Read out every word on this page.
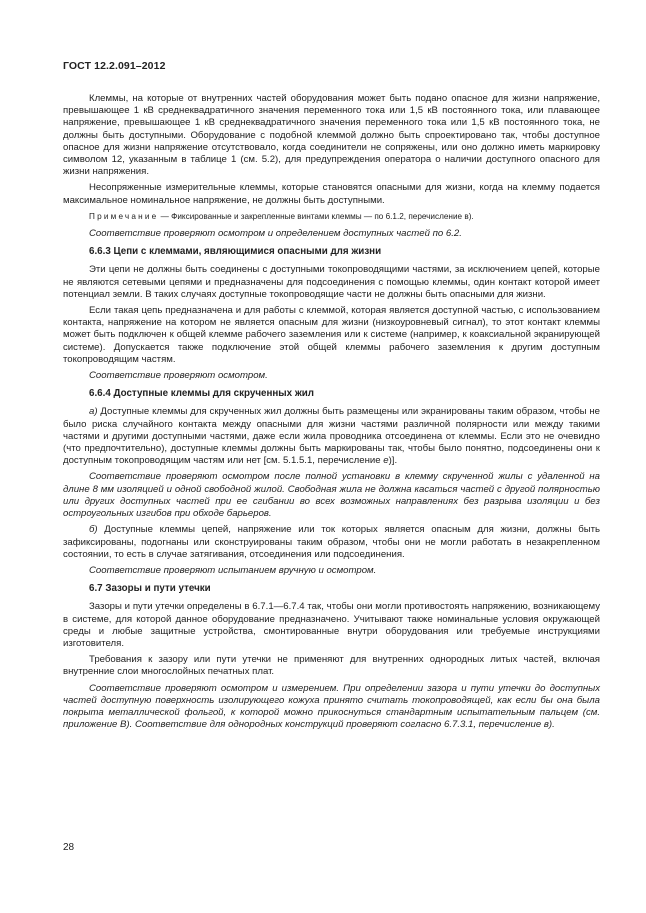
ГОСТ 12.2.091–2012

Клеммы, на которые от внутренних частей оборудования может быть подано опасное для жизни напряжение, превышающее 1 кВ среднеквадратичного значения переменного тока или 1,5 кВ постоянного тока, или плавающее напряжение, превышающее 1 кВ среднеквадратичного значения переменного тока или 1,5 кВ постоянного тока, не должны быть доступными. Оборудование с подобной клеммой должно быть спроектировано так, чтобы доступное опасное для жизни напряжение отсутствовало, когда соединители не сопряжены, или оно должно иметь маркировку символом 12, указанным в таблице 1 (см. 5.2), для предупреждения оператора о наличии доступного опасного для жизни напряжения.

Несопряженные измерительные клеммы, которые становятся опасными для жизни, когда на клемму подается максимальное номинальное напряжение, не должны быть доступными.

Примечание — Фиксированные и закрепленные винтами клеммы — по 6.1.2, перечисление в).

Соответствие проверяют осмотром и определением доступных частей по 6.2.

6.6.3 Цепи с клеммами, являющимися опасными для жизни

Эти цепи не должны быть соединены с доступными токопроводящими частями, за исключением цепей, которые не являются сетевыми цепями и предназначены для подсоединения с помощью клеммы, один контакт которой имеет потенциал земли. В таких случаях доступные токопроводящие части не должны быть опасными для жизни.

Если такая цепь предназначена и для работы с клеммой, которая является доступной частью, с использованием контакта, напряжение на котором не является опасным для жизни (низкоуровневый сигнал), то этот контакт клеммы может быть подключен к общей клемме рабочего заземления или к системе (например, к коаксиальной экранирующей системе). Допускается также подключение этой общей клеммы рабочего заземления к другим доступным токопроводящим частям.

Соответствие проверяют осмотром.

6.6.4 Доступные клеммы для скрученных жил

а) Доступные клеммы для скрученных жил должны быть размещены или экранированы таким образом, чтобы не было риска случайного контакта между опасными для жизни частями различной полярности или между такими частями и другими доступными частями, даже если жила проводника отсоединена от клеммы. Если это не очевидно (что предпочтительно), доступные клеммы должны быть маркированы так, чтобы было понятно, подсоединены они к доступным токопроводящим частям или нет [см. 5.1.5.1, перечисление е)].

Соответствие проверяют осмотром после полной установки в клемму скрученной жилы с удаленной на длине 8 мм изоляцией и одной свободной жилой. Свободная жила не должна касаться частей с другой полярностью или других доступных частей при ее сгибании во всех возможных направлениях без разрыва изоляции и без остроугольных изгибов при обходе барьеров.

б) Доступные клеммы цепей, напряжение или ток которых является опасным для жизни, должны быть зафиксированы, подогнаны или сконструированы таким образом, чтобы они не могли работать в незакрепленном состоянии, то есть в случае затягивания, отсоединения или подсоединения.

Соответствие проверяют испытанием вручную и осмотром.

6.7 Зазоры и пути утечки

Зазоры и пути утечки определены в 6.7.1—6.7.4 так, чтобы они могли противостоять напряжению, возникающему в системе, для которой данное оборудование предназначено. Учитывают также номинальные условия окружающей среды и любые защитные устройства, смонтированные внутри оборудования или требуемые инструкциями изготовителя.

Требования к зазору или пути утечки не применяют для внутренних однородных литых частей, включая внутренние слои многослойных печатных плат.

Соответствие проверяют осмотром и измерением. При определении зазора и пути утечки до доступных частей доступную поверхность изолирующего кожуха принято считать токопроводящей, как если бы она была покрыта металлической фольгой, к которой можно прикоснуться стандартным испытательным пальцем (см. приложение В). Соответствие для однородных конструкций проверяют согласно 6.7.3.1, перечисление в).

28
